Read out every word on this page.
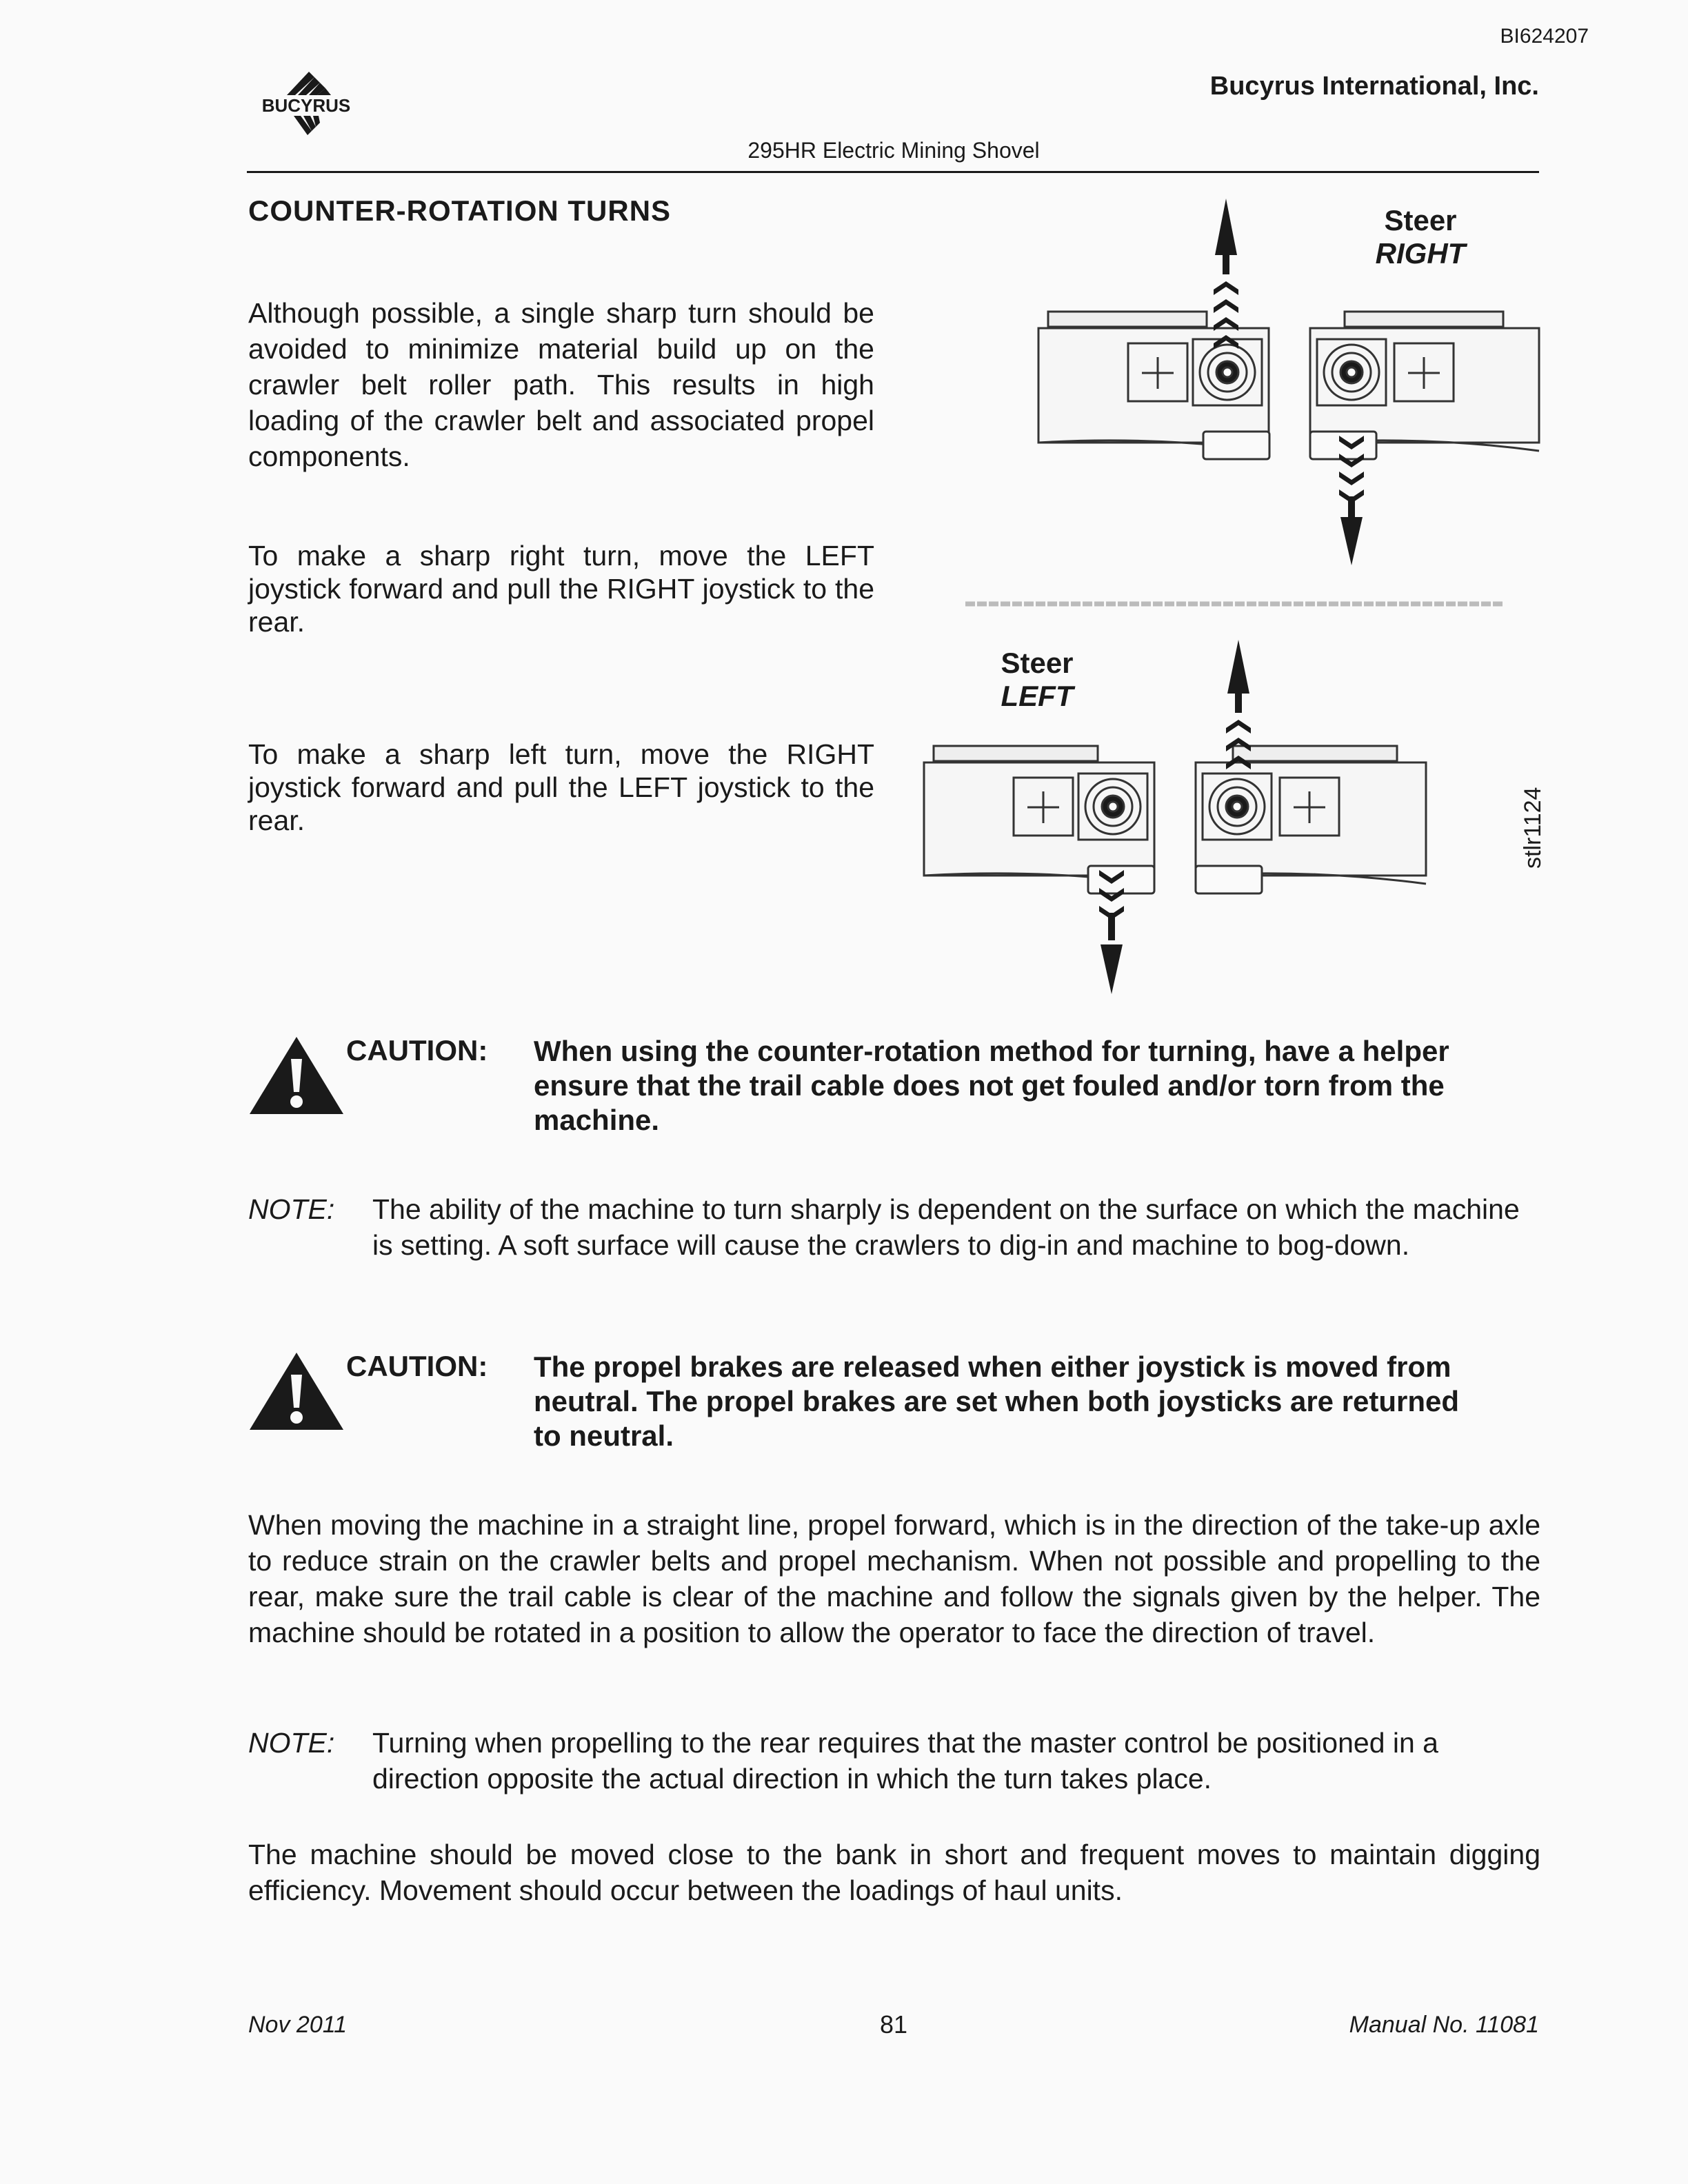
BI624207
BUCYRUS
Bucyrus International, Inc.
295HR Electric Mining Shovel
COUNTER-ROTATION TURNS
Although possible, a single sharp turn should be avoided to minimize material build up on the crawler belt roller path. This results in high loading of the crawler belt and associated propel components.
To make a sharp right turn, move the LEFT joystick forward and pull the RIGHT joystick to the rear.
To make a sharp left turn, move the RIGHT joystick forward and pull the LEFT joystick to the rear.
Steer
RIGHT
Steer
LEFT
stlr1124
CAUTION: When using the counter-rotation method for turning, have a helper
ensure that the trail cable does not get fouled and/or torn from the
machine.
NOTE: The ability of the machine to turn sharply is dependent on the surface on which the machine is setting. A soft surface will cause the crawlers to dig-in and machine to bog-down.
CAUTION: The propel brakes are released when either joystick is moved from
neutral. The propel brakes are set when both joysticks are returned
to neutral.
When moving the machine in a straight line, propel forward, which is in the direction of the take-up axle to reduce strain on the crawler belts and propel mechanism. When not possible and propelling to the rear, make sure the trail cable is clear of the machine and follow the signals given by the helper. The machine should be rotated in a position to allow the operator to face the direction of travel.
NOTE: Turning when propelling to the rear requires that the master control be positioned in a direction opposite the actual direction in which the turn takes place.
The machine should be moved close to the bank in short and frequent moves to maintain digging efficiency. Movement should occur between the loadings of haul units.
Nov 2011	81	Manual No. 11081
